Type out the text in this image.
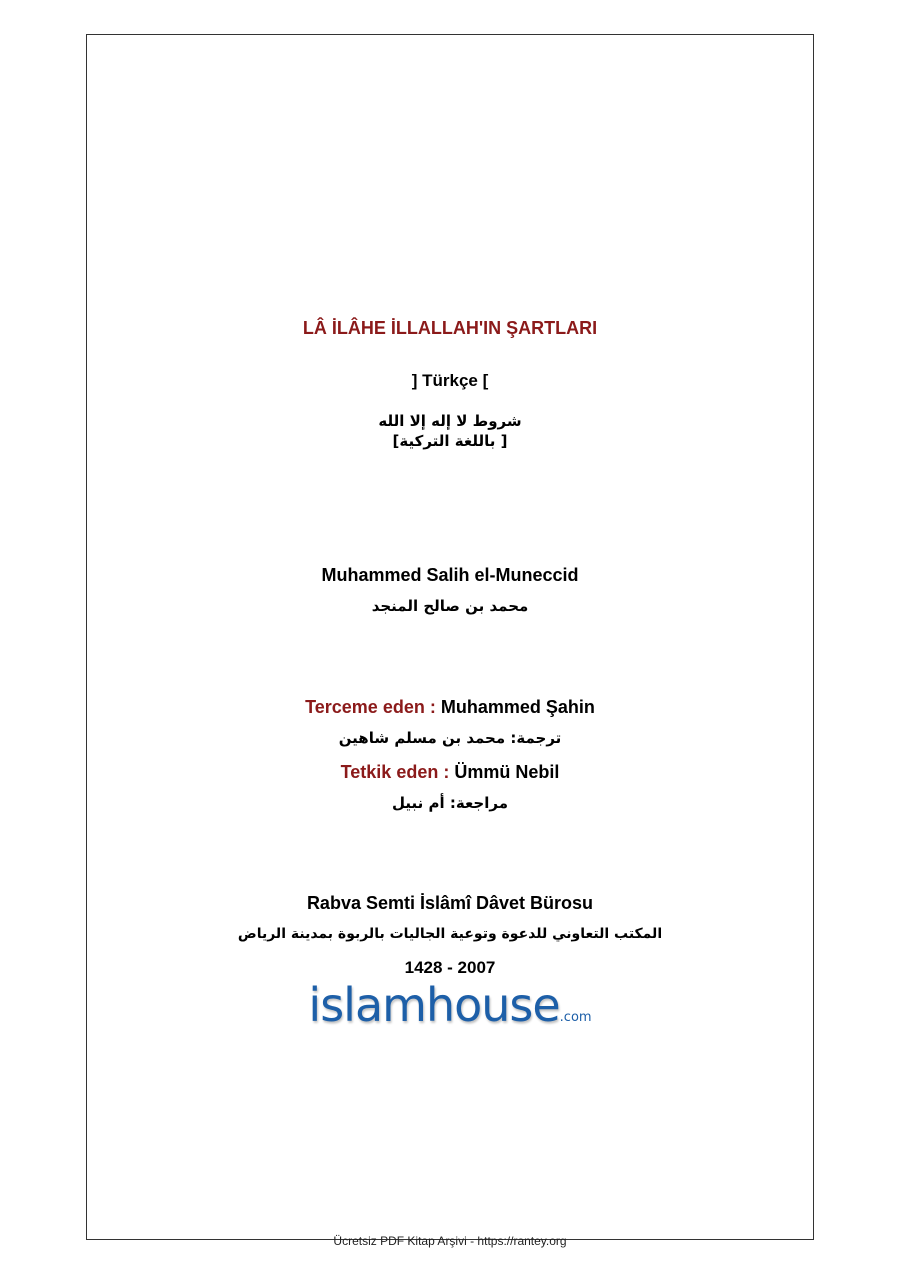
LÂ İLÂHE İLLALLAH'IN ŞARTLARI
] Türkçe [
شروط لا إله إلا الله
[ باللغة التركية]
Muhammed Salih el-Muneccid
محمد بن صالح المنجد
Terceme eden : Muhammed Şahin
ترجمة: محمد بن مسلم شاهين
Tetkik eden : Ümmü Nebil
مراجعة: أم نبيل
Rabva Semti İslâmî Dâvet Bürosu
المكتب التعاوني للدعوة وتوعية الجاليات بالربوة بمدينة الرياض
1428 - 2007
islamhouse.com
Ücretsiz PDF Kitap Arşivi - https://rantey.org
